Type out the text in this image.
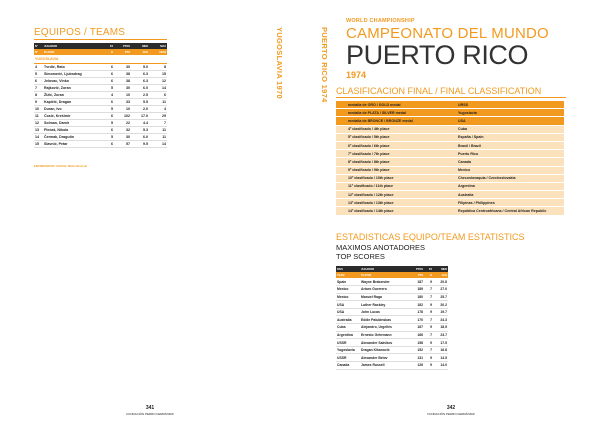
EQUIPOS / TEAMS
N°	JUGADOR	PJ	PTOS	MED	MAX
Nº	PLAYER	G	PTS	AVG	HIGH
YUGOSLAVIA					
4	Tvrdić, Rato	6	30	5.0	8
5	Simonović, Ljubodrag	6	38	6.3	15
6	Jelovac, Vinko	6	38	6.3	12
7	Rajković, Zoran	5	30	6.0	14
8	Žižić, Zoran	4	10	2.5	6
9	Kapičić, Dragan	6	33	5.5	11
10	Duran, Ivo	5	10	2.0	4
11	Ćosić, Krešimir	6	102	17.0	29
12	Solman, Damir	5	22	4.4	7
13	Plećaš, Nikola	6	32	5.3	11
14	Čermak, Dragutin	5	30	6.0	11
15	Slavnić, Petar	6	57	9.5	14
ENTRENADOR / COACH: Mirko Novosel
YUGOSLAVIA 1970
341
FUNDACIÓN PEDRO FERRÁNDIZ
PUERTO RICO 1974
WORLD CHAMPIONSHIP
CAMPEONATO DEL MUNDO
PUERTO RICO
1974
CLASIFICACION FINAL / FINAL CLASSIFICATION
medalla de ORO / GOLD medal	URSS
medalla de PLATA / SILVER medal	Yugoslavia
medalla de BRONCE / BRONZE medal	USA
4º clasificado / 4th place	Cuba
5º clasificado / 5th place	España / Spain
6º clasificado / 6th place	Brasil / Brazil
7º clasificado / 7th place	Puerto Rico
8º clasificado / 8th place	Canada
9º clasificado / 9th place	Mexico
10º clasificado / 10th place	Checoslovaquia / Czechoslovakia
11º clasificado / 11th place	Argentina
12º clasificado / 12th place	Australia
13º clasificado / 13th place	Filipinas / Philippines
14º clasificado / 14th place	República Centroafricana / Central African Republic
ESTADISTICAS EQUIPO/TEAM ESTATISTICS
MAXIMOS ANOTADORES
TOP SCORES
PAIS	JUGADOR	PTOS	PJ	MED
TEAM	PLAYER	PTS	G	AVG
Spain	Wayne Brabender	187	9	20.8
Mexico	Arturo Guerrero	189	7	27.0
Mexico	Manuel Raga	180	7	25.7
USA	Luther Rackley	182	9	20.2
USA	John Lucas	178	9	19.7
Australia	Eddie Palubinskas	170	7	24.3
Cuba	Alejandro, Urgellés	167	9	18.5
Argentina	Ernesto Gehrmann	166	7	23.7
USSR	Alexander Salnikov	158	9	17.5
Yugoslavia	Dragan Kikanović	152	7	16.8
USSR	Alexander Belov	131	9	14.5
Canada	James Russell	126	9	14.0
342
FUNDACIÓN PEDRO FERRÁNDIZ
